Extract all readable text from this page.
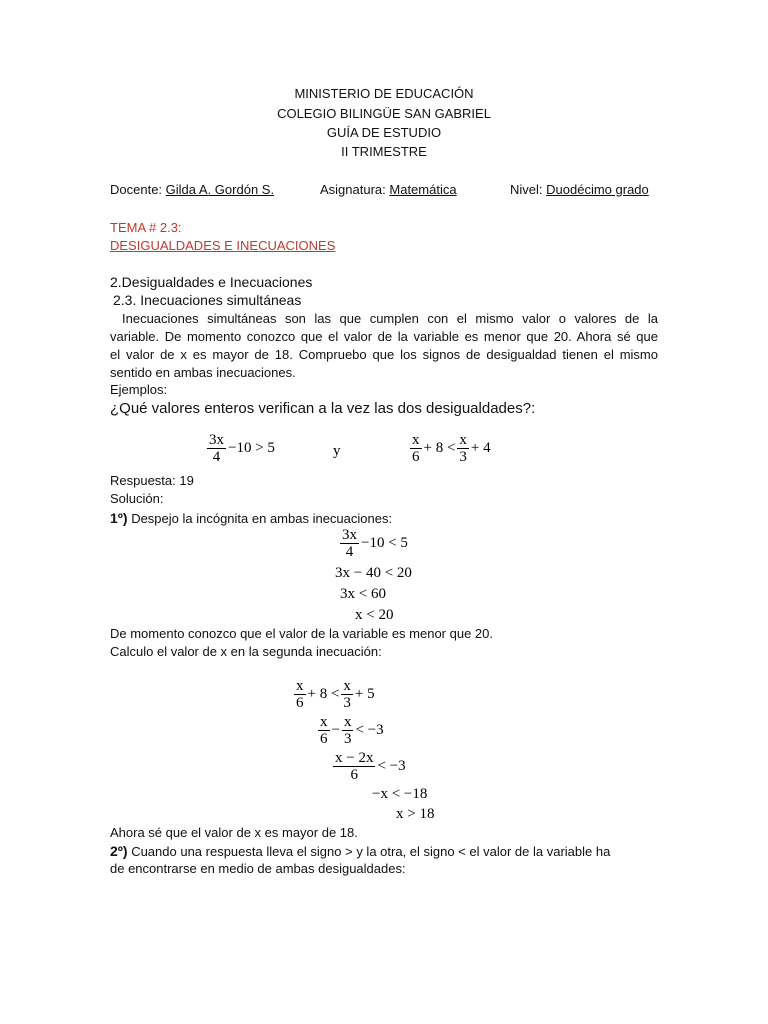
MINISTERIO DE EDUCACIÓN
COLEGIO BILINGÜE SAN GABRIEL
GUÍA DE ESTUDIO
II TRIMESTRE
Docente: Gilda A. Gordón S.	Asignatura: Matemática	Nivel: Duodécimo grado
TEMA # 2.3:
DESIGUALDADES E INECUACIONES
2.Desigualdades e Inecuaciones
2.3. Inecuaciones simultáneas
Inecuaciones simultáneas son las que cumplen con el mismo valor o valores de la
variable. De momento conozco que el valor de la variable es menor que 20. Ahora sé que
el valor de x es mayor de 18. Compruebo que los signos de desigualdad tienen el mismo
sentido en ambas inecuaciones.
Ejemplos:
¿Qué valores enteros verifican a la vez las dos desigualdades?:
$\frac{3x}{4} -10 > 5$	y	$\frac{x}{6} + 8 < \frac{x}{3} + 4$
Respuesta: 19
Solución:
1º) Despejo la incógnita en ambas inecuaciones:
$\frac{3x}{4} -10 < 5$
3x − 40 < 20
3x < 60
x < 20
De momento conozco que el valor de la variable es menor que 20.
Calculo el valor de x en la segunda inecuación:
$\frac{x}{6} + 8 < \frac{x}{3} + 5$
$\frac{x}{6} - \frac{x}{3} < -3$
$\frac{x - 2x}{6} < -3$
−x < −18
x > 18
Ahora sé que el valor de x es mayor de 18.
2º) Cuando una respuesta lleva el signo > y la otra, el signo < el valor de la variable ha
de encontrarse en medio de ambas desigualdades:
